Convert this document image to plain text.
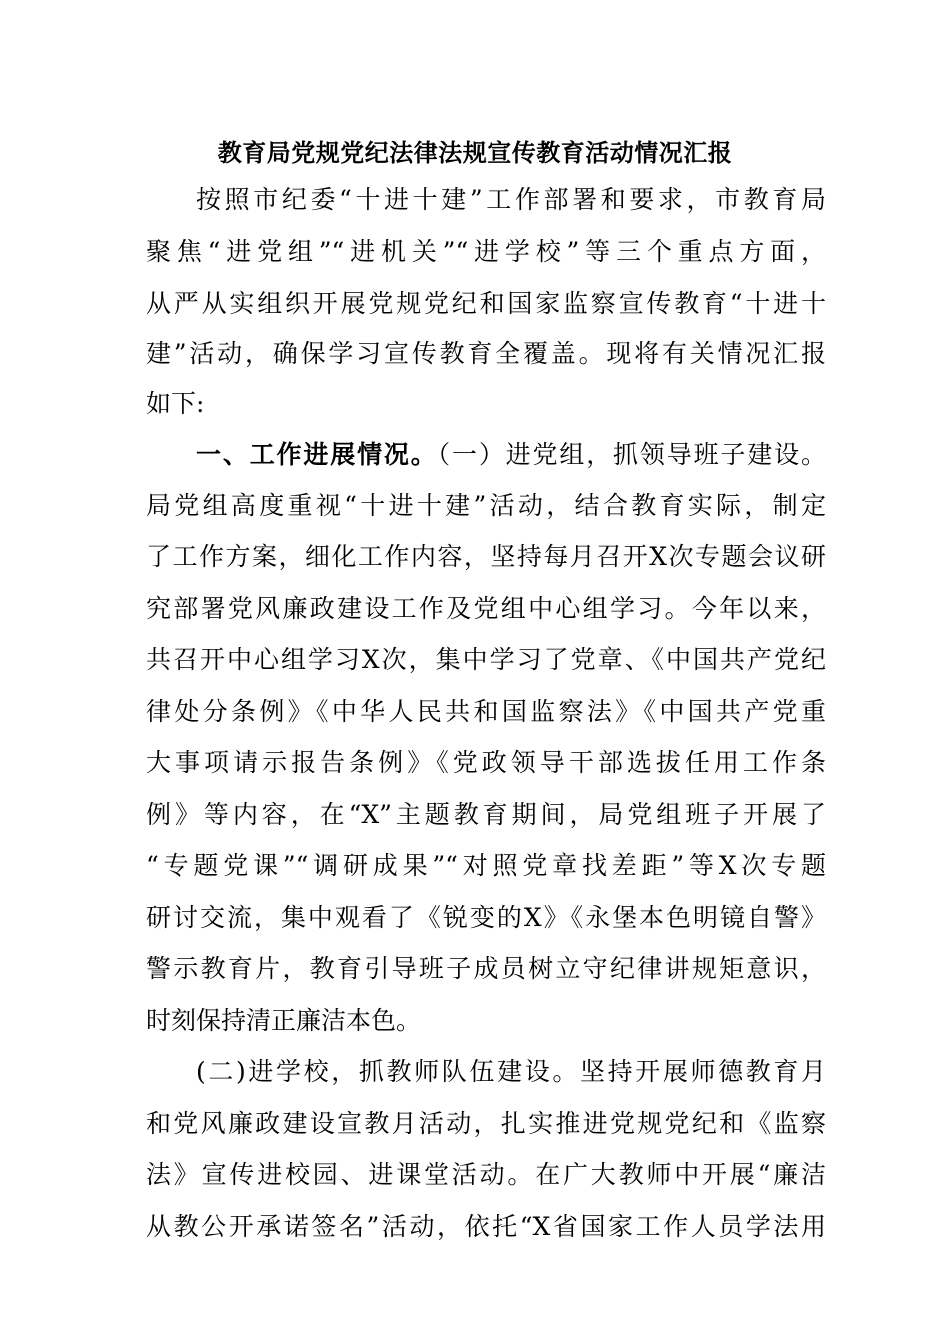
教育局党规党纪法律法规宣传教育活动情况汇报
按照市纪委“十进十建”工作部署和要求，市教育局
聚焦“进党组”“进机关”“进学校”等三个重点方面，
从严从实组织开展党规党纪和国家监察宣传教育“十进十
建”活动，确保学习宣传教育全覆盖。现将有关情况汇报
如下:
一、工作进展情况。（一）进党组，抓领导班子建设。
局党组高度重视“十进十建”活动，结合教育实际，制定
了工作方案，细化工作内容，坚持每月召开X次专题会议研
究部署党风廉政建设工作及党组中心组学习。今年以来，
共召开中心组学习X次，集中学习了党章、《中国共产党纪
律处分条例》《中华人民共和国监察法》《中国共产党重
大事项请示报告条例》《党政领导干部选拔任用工作条
例》等内容，在“X”主题教育期间，局党组班子开展了
“专题党课”“调研成果”“对照党章找差距”等X次专题
研讨交流，集中观看了《锐变的X》《永堡本色明镜自警》
警示教育片，教育引导班子成员树立守纪律讲规矩意识，
时刻保持清正廉洁本色。
(二)进学校，抓教师队伍建设。坚持开展师德教育月
和党风廉政建设宣教月活动，扎实推进党规党纪和《监察
法》宣传进校园、进课堂活动。在广大教师中开展“廉洁
从教公开承诺签名”活动，依托“X省国家工作人员学法用
